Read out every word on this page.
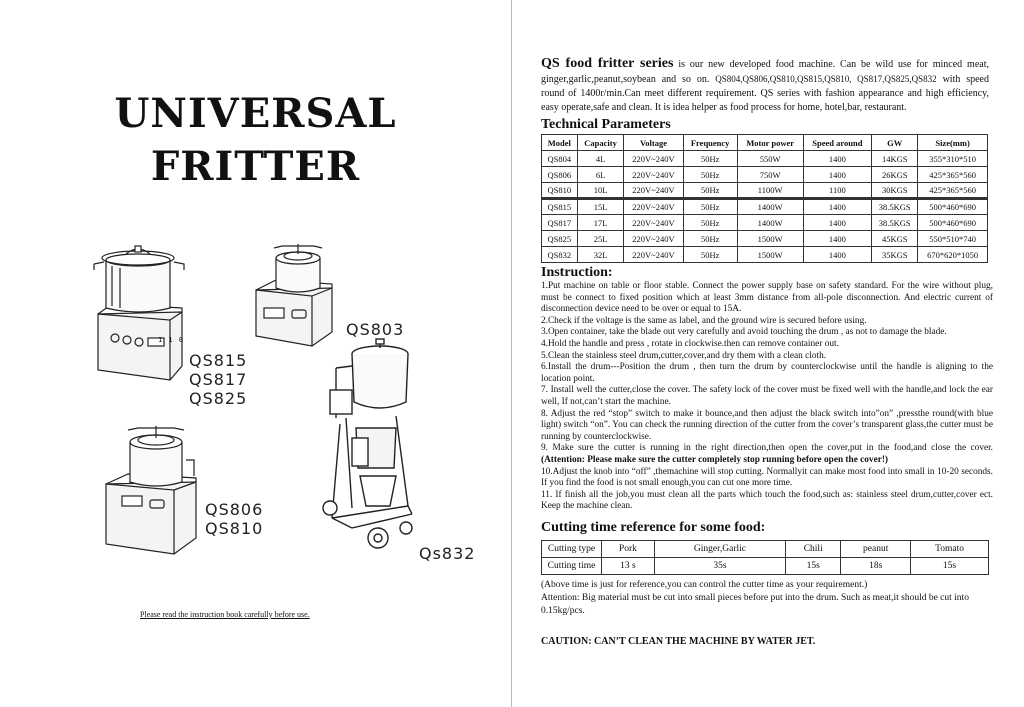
UNIVERSAL
FRITTER
1 1 0
QS815
QS817
QS825
QS803
Qs832
QS806
QS810
Please read the instruction book carefully before use.
QS food fritter series is our new developed food machine. Can be wild use for minced meat, ginger,garlic,peanut,soybean and so on. QS804,QS806,QS810,QS815,QS810, QS817,QS825,QS832 with speed round of 1400r/min.Can meet different requirement. QS series with fashion appearance and high efficiency, easy operate,safe and clean. It is idea helper as food process for home, hotel,bar, restaurant.
Technical Parameters
Model	Capacity	Voltage	Frequency	Motor power	Speed around	GW	Size(mm)
QS804	4L	220V~240V	50Hz	550W	1400	14KGS	355*310*510
QS806	6L	220V~240V	50Hz	750W	1400	26KGS	425*365*560
QS810	10L	220V~240V	50Hz	1100W	1100	30KGS	425*365*560
QS815	15L	220V~240V	50Hz	1400W	1400	38.5KGS	500*460*690
QS817	17L	220V~240V	50Hz	1400W	1400	38.5KGS	500*460*690
QS825	25L	220V~240V	50Hz	1500W	1400	45KGS	550*510*740
QS832	32L	220V~240V	50Hz	1500W	1400	35KGS	670*620*1050
Instruction:

1.Put machine on table or floor stable. Connect the power supply base on safety standard. For the wire without plug, must be connect to fixed position which at least 3mm distance from all-pole disconnection. And electric current of disconnection device need to be over or equal to 15A.

2.Check if the voltage is the same as label, and the ground wire is secured before using.

3.Open container, take the blade out very carefully and avoid touching the drum , as not to damage the blade.

4.Hold the handle and press , rotate in clockwise.then can remove container out.

5.Clean the stainless steel drum,cutter,cover,and dry them with a clean cloth.

6.Install the drum---Position the drum , then turn the drum by counterclockwise until the handle is aligning to the location point.

7. Install well the cutter,close the cover. The safety lock of the cover must be fixed well with the handle,and lock the ear well, If not,can’t start the machine.

8. Adjust the red “stop” switch to make it bounce,and then adjust the black switch into”on” ,pressthe round(with blue light) switch “on”. You can check the running direction of the cutter from the cover’s transparent glass,the cutter must be running by counterclockwise.

9. Make sure the cutter is running in the right direction,then open the cover,put in the food,and close the cover.(Attention: Please make sure the cutter completely stop running before open the cover!)

10.Adjust the knob into “off” ,themachine will stop cutting. Normallyit can make most food into small in 10-20 seconds. If you find the food is not small enough,you can cut one more time.

11. If finish all the job,you must clean all the parts which touch the food,such as: stainless steel drum,cutter,cover ect. Keep the machine clean.

Cutting time reference for some food:
Cutting type	Pork	Ginger,Garlic	Chili	peanut	Tomato
Cutting time	13 s	35s	15s	18s	15s
(Above time is just for reference,you can control the cutter time as your requirement.)
Attention: Big material must be cut into small pieces before put into the drum. Such as meat,it should be cut into 0.15kg/pcs.
CAUTION: CAN’T CLEAN THE MACHINE BY WATER JET.
